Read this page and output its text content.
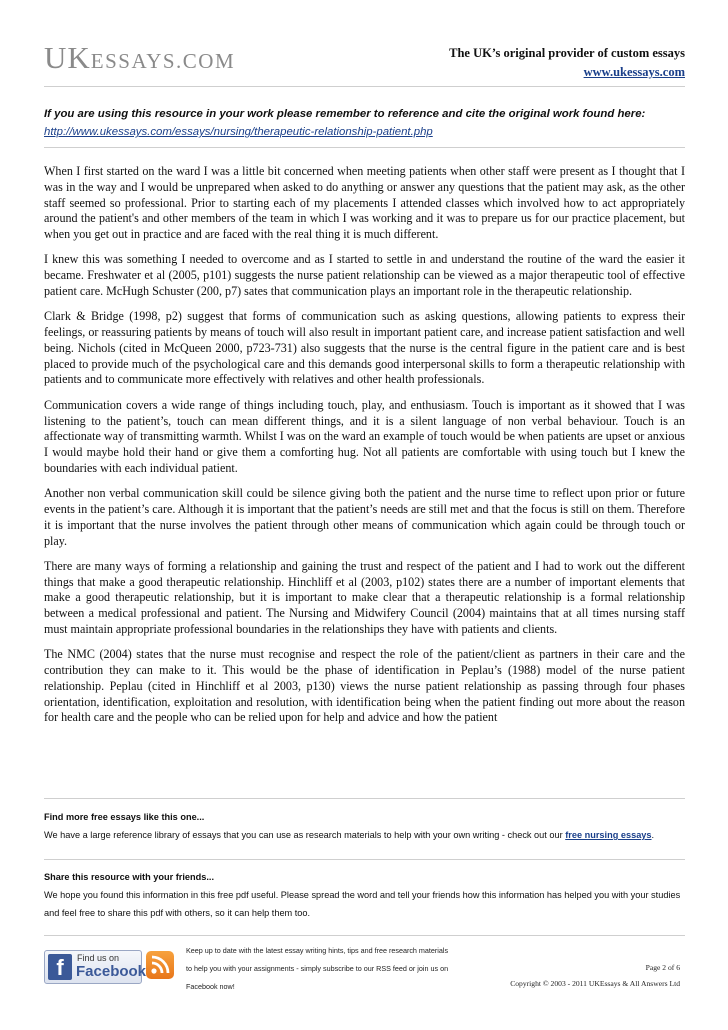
UKESSAYS.COM	The UK’s original provider of custom essays
www.ukessays.com
If you are using this resource in your work please remember to reference and cite the original work found here:
http://www.ukessays.com/essays/nursing/therapeutic-relationship-patient.php

When I first started on the ward I was a little bit concerned when meeting patients when other staff were present as I thought that I was in the way and I would be unprepared when asked to do anything or answer any questions that the patient may ask, as the other staff seemed so professional. Prior to starting each of my placements I attended classes which involved how to act appropriately around the patient's and other members of the team in which I was working and it was to prepare us for our practice placement, but when you get out in practice and are faced with the real thing it is much different.

I knew this was something I needed to overcome and as I started to settle in and understand the routine of the ward the easier it became. Freshwater et al (2005, p101) suggests the nurse patient relationship can be viewed as a major therapeutic tool of effective patient care. McHugh Schuster (200, p7) sates that communication plays an important role in the therapeutic relationship.

Clark & Bridge (1998, p2) suggest that forms of communication such as asking questions, allowing patients to express their feelings, or reassuring patients by means of touch will also result in important patient care, and increase patient satisfaction and well being. Nichols (cited in McQueen 2000, p723-731) also suggests that the nurse is the central figure in the patient care and is best placed to provide much of the psychological care and this demands good interpersonal skills to form a therapeutic relationship with patients and to communicate more effectively with relatives and other health professionals.

Communication covers a wide range of things including touch, play, and enthusiasm. Touch is important as it showed that I was listening to the patient’s, touch can mean different things, and it is a silent language of non verbal behaviour. Touch is an affectionate way of transmitting warmth. Whilst I was on the ward an example of touch would be when patients are upset or anxious I would maybe hold their hand or give them a comforting hug. Not all patients are comfortable with using touch but I knew the boundaries with each individual patient.

Another non verbal communication skill could be silence giving both the patient and the nurse time to reflect upon prior or future events in the patient’s care. Although it is important that the patient’s needs are still met and that the focus is still on them. Therefore it is important that the nurse involves the patient through other means of communication which again could be through touch or play.

There are many ways of forming a relationship and gaining the trust and respect of the patient and I had to work out the different things that make a good therapeutic relationship. Hinchliff et al (2003, p102) states there are a number of important elements that make a good therapeutic relationship, but it is important to make clear that a therapeutic relationship is a formal relationship between a medical professional and patient. The Nursing and Midwifery Council (2004) maintains that at all times nursing staff must maintain appropriate professional boundaries in the relationships they have with patients and clients.

The NMC (2004) states that the nurse must recognise and respect the role of the patient/client as partners in their care and the contribution they can make to it. This would be the phase of identification in Peplau’s (1988) model of the nurse patient relationship. Peplau (cited in Hinchliff et al 2003, p130) views the nurse patient relationship as passing through four phases orientation, identification, exploitation and resolution, with identification being when the patient finding out more about the reason for health care and the people who can be relied upon for help and advice and how the patient

Find more free essays like this one...
We have a large reference library of essays that you can use as research materials to help with your own writing - check out our free nursing essays.
Share this resource with your friends...
We hope you found this information in this free pdf useful. Please spread the word and tell your friends how this information has helped you with your studies and feel free to share this pdf with others, so it can help them too.
f	Find us on
Facebook
Keep up to date with the latest essay writing hints, tips and free research materials
to help you with your assignments - simply subscribe to our RSS feed or join us on
Facebook now!
Page 2 of 6
Copyright © 2003 - 2011 UKEssays & All Answers Ltd
